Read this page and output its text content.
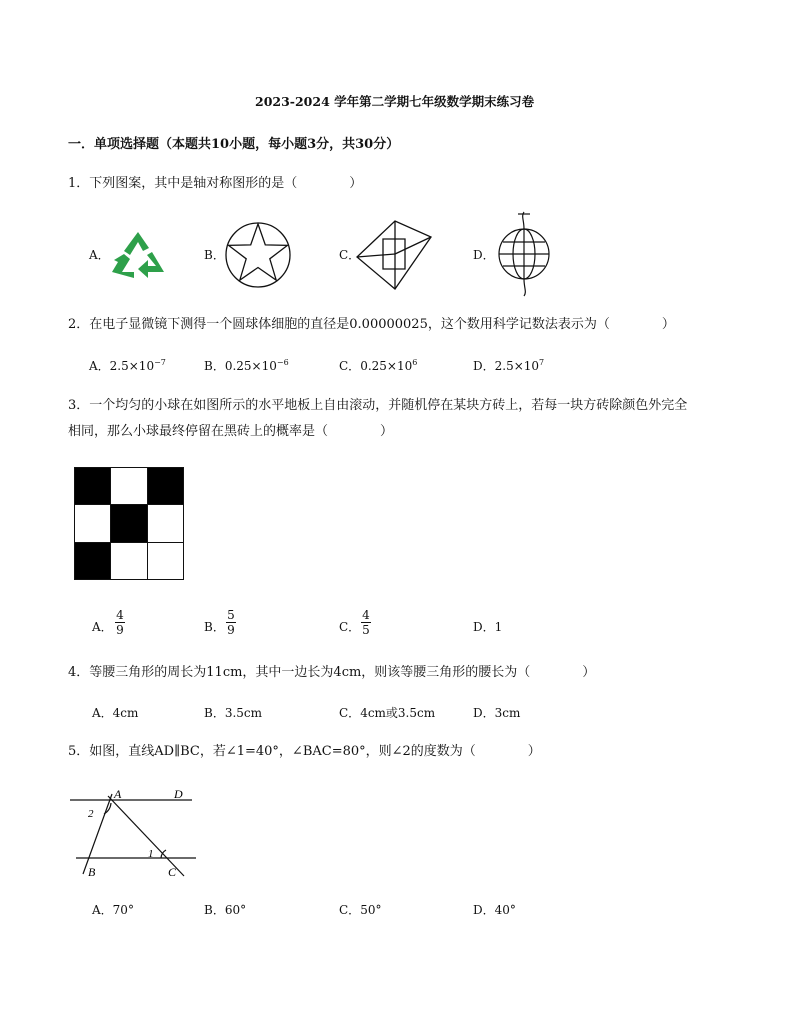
2023-2024 学年第二学期七年级数学期末练习卷
一．单项选择题（本题共10小题，每小题3分，共30分）
1．下列图案，其中是轴对称图形的是（　　　　）
A．	B．	C．	D．
2．在电子显微镜下测得一个圆球体细胞的直径是0.00000025，这个数用科学记数法表示为（　　　　）
A．$2.5\times 10^{-7}$	B．$0.25\times 10^{-6}$	C．$0.25\times 10^6$	D．$2.5\times 10^7$
3．一个均匀的小球在如图所示的水平地板上自由滚动，并随机停在某块方砖上，若每一块方砖除颜色外完全
相同，那么小球最终停留在黑砖上的概率是（　　　　）
A．
4
9	B．
5
9	C．
4
5	D．1
4．等腰三角形的周长为11cm，其中一边长为4cm，则该等腰三角形的腰长为（　　　　）
A．4cm	B．3.5cm	C．4cm或3.5cm	D．3cm
5．如图，直线AD∥BC，若∠1=40°，∠BAC=80°，则∠2的度数为（　　　　）
A	D
B	C
1
2
A．70°	B．60°	C．50°	D．40°
